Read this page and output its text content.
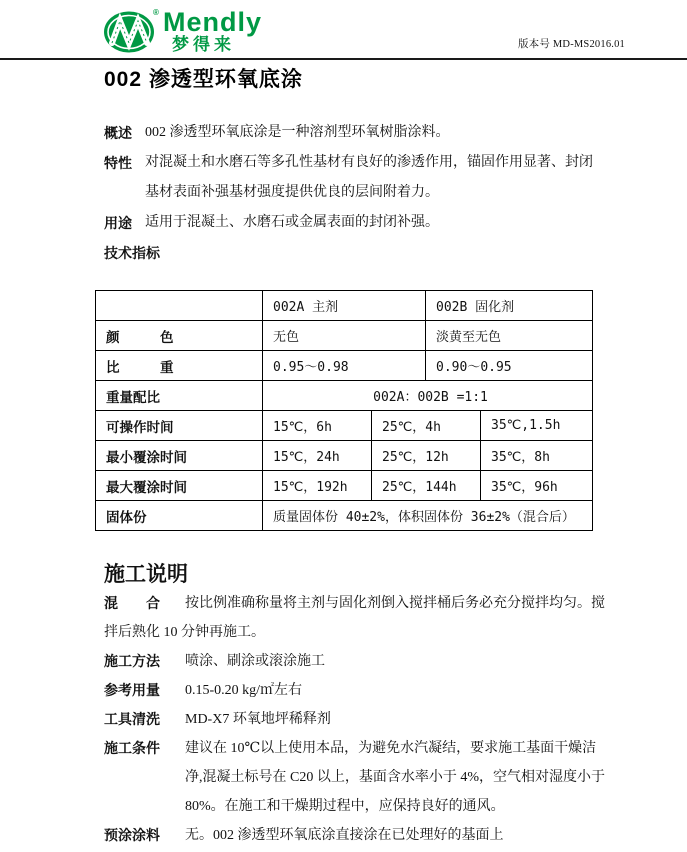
® Mendly
梦得来	版本号 MD-MS2016.01
002 渗透型环氧底涂
概述 002 渗透型环氧底涂是一种溶剂型环氧树脂涂料。
特性 对混凝土和水磨石等多孔性基材有良好的渗透作用，锚固作用显著、封闭基材表面补强基材强度提供优良的层间附着力。
用途 适用于混凝土、水磨石或金属表面的封闭补强。
技术指标
	002A 主剂		002B 固化剂	
颜　　　色	无色		淡黄至无色	
比　　　重	0.95～0.98		0.90～0.95	
重量配比	002A：002B =1:1			
可操作时间	15℃，6h	25℃，4h		35℃,1.5h
最小覆涂时间	15℃，24h	25℃，12h		35℃，8h
最大覆涂时间	15℃，192h	25℃，144h		35℃，96h
固体份	质量固体份 40±2%，体积固体份 36±2%（混合后）			
施工说明

混　　合 按比例准确称量将主剂与固化剂倒入搅拌桶后务必充分搅拌均匀。搅拌后熟化 10 分钟再施工。

施工方法	喷涂、刷涂或滚涂施工
参考用量	0.15-0.20 kg/㎡左右
工具清洗	MD-X7 环氧地坪稀释剂
施工条件	建议在 10℃以上使用本品，为避免水汽凝结，要求施工基面干燥洁净,混凝土标号在 C20 以上，基面含水率小于 4%，空气相对湿度小于 80%。在施工和干燥期过程中，应保持良好的通风。
预涂涂料	无。002 渗透型环氧底涂直接涂在已处理好的基面上
